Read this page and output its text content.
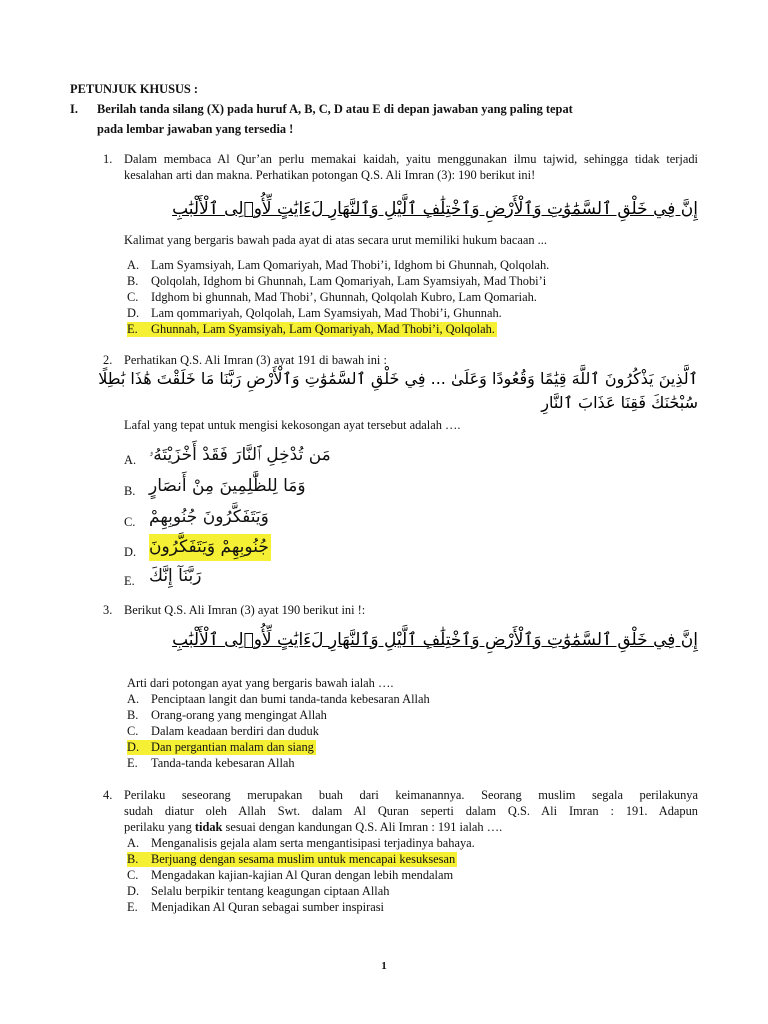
PETUNJUK KHUSUS :
I. Berilah tanda silang (X) pada huruf A, B, C, D atau E di depan jawaban yang paling tepat
pada lembar jawaban yang tersedia !
1. Dalam membaca Al Qur’an perlu memakai kaidah, yaitu menggunakan ilmu tajwid, sehingga tidak terjadi kesalahan arti dan makna. Perhatikan potongan Q.S. Ali Imran (3): 190 berikut ini!
إِنَّ فِي خَلْقِ ٱلسَّمَٰوَٰتِ وَٱلْأَرْضِ وَٱخْتِلَٰفِ ٱلَّيْلِ وَٱلنَّهَارِ لَءَايَٰتٍ لِّأُو۟لِى ٱلْأَلْبَٰبِ
Kalimat yang bergaris bawah pada ayat di atas secara urut memiliki hukum bacaan ...
A. Lam Syamsiyah, Lam Qomariyah, Mad Thobi’i, Idghom bi Ghunnah, Qolqolah.
B. Qolqolah, Idghom bi Ghunnah, Lam Qomariyah, Lam Syamsiyah, Mad Thobi’i
C. Idghom bi ghunnah, Mad Thobi’, Ghunnah, Qolqolah Kubro, Lam Qomariah.
D. Lam qommariyah, Qolqolah, Lam Syamsiyah, Mad Thobi’i, Ghunnah.
E. Ghunnah, Lam Syamsiyah, Lam Qomariyah, Mad Thobi’i, Qolqolah.
2. Perhatikan Q.S. Ali Imran (3) ayat 191 di bawah ini :
ٱلَّذِينَ يَذْكُرُونَ ٱللَّهَ قِيَٰمًا وَقُعُودًا وَعَلَىٰ ... فِي خَلْقِ ٱلسَّمَٰوَٰتِ وَٱلْأَرْضِ رَبَّنَا مَا خَلَقْتَ هَٰذَا بَٰطِلًا
سُبْحَٰنَكَ فَقِنَا عَذَابَ ٱلنَّارِ
Lafal yang tepat untuk mengisi kekosongan ayat tersebut adalah ….
A. مَن تُدْخِلِ ٱلنَّارَ فَقَدْ أَخْزَيْتَهُۥ
B. وَمَا لِلظَّٰلِمِينَ مِنْ أَنصَارٍ
C. وَيَتَفَكَّرُونَ جُنُوبِهِمْ
D. جُنُوبِهِمْ وَيَتَفَكَّرُونَ
E. رَبَّنَآ إِنَّكَ
3. Berikut Q.S. Ali Imran (3) ayat 190 berikut ini !:
إِنَّ فِي خَلْقِ ٱلسَّمَٰوَٰتِ وَٱلْأَرْضِ وَٱخْتِلَٰفِ ٱلَّيْلِ وَٱلنَّهَارِ لَءَايَٰتٍ لِّأُو۟لِى ٱلْأَلْبَٰبِ
Arti dari potongan ayat yang bergaris bawah ialah ….
A. Penciptaan langit dan bumi tanda-tanda kebesaran Allah
B. Orang-orang yang mengingat Allah
C. Dalam keadaan berdiri dan duduk
D. Dan pergantian malam dan siang
E. Tanda-tanda kebesaran Allah
4. Perilaku seseorang merupakan buah dari keimanannya. Seorang muslim segala perilakunya
sudah diatur oleh Allah Swt. dalam Al Quran seperti dalam Q.S. Ali Imran : 191. Adapun
perilaku yang tidak sesuai dengan kandungan Q.S. Ali Imran : 191 ialah ….
A. Menganalisis gejala alam serta mengantisipasi terjadinya bahaya.
B. Berjuang dengan sesama muslim untuk mencapai kesuksesan
C. Mengadakan kajian-kajian Al Quran dengan lebih mendalam
D. Selalu berpikir tentang keagungan ciptaan Allah
E. Menjadikan Al Quran sebagai sumber inspirasi
1
